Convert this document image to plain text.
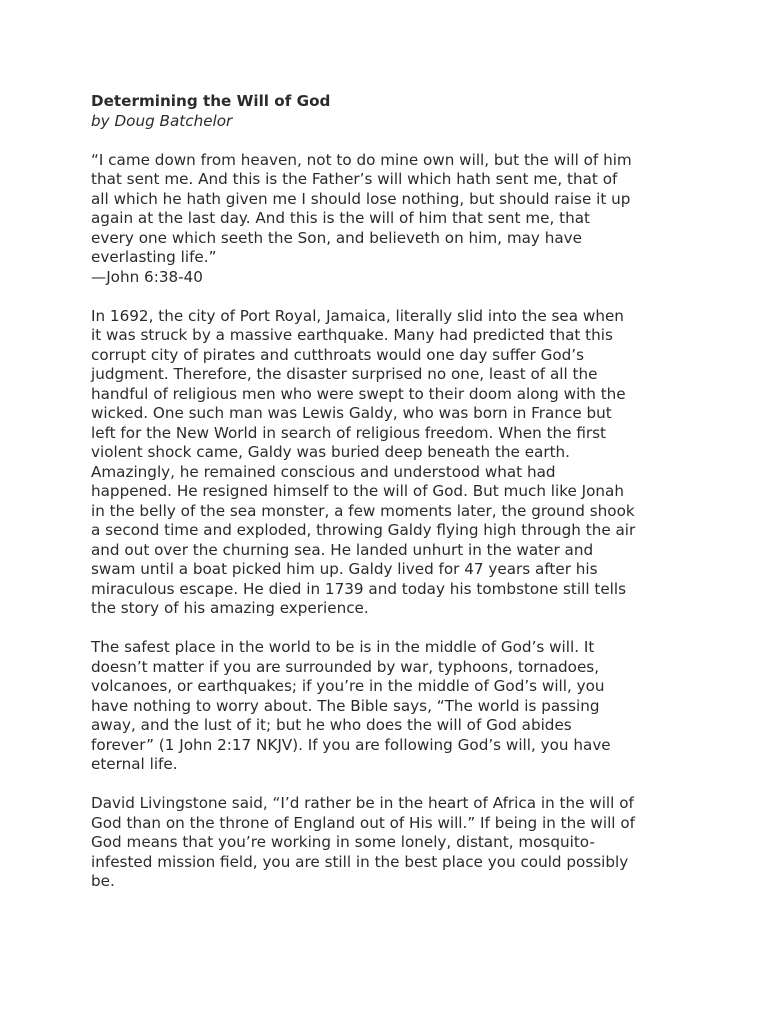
Determining the Will of God
by Doug Batchelor

“I came down from heaven, not to do mine own will, but the will of him
that sent me. And this is the Father’s will which hath sent me, that of
all which he hath given me I should lose nothing, but should raise it up
again at the last day. And this is the will of him that sent me, that
every one which seeth the Son, and believeth on him, may have
everlasting life.”
—John 6:38-40

In 1692, the city of Port Royal, Jamaica, literally slid into the sea when
it was struck by a massive earthquake. Many had predicted that this
corrupt city of pirates and cutthroats would one day suffer God’s
judgment. Therefore, the disaster surprised no one, least of all the
handful of religious men who were swept to their doom along with the
wicked. One such man was Lewis Galdy, who was born in France but
left for the New World in search of religious freedom. When the first
violent shock came, Galdy was buried deep beneath the earth.
Amazingly, he remained conscious and understood what had
happened. He resigned himself to the will of God. But much like Jonah
in the belly of the sea monster, a few moments later, the ground shook
a second time and exploded, throwing Galdy flying high through the air
and out over the churning sea. He landed unhurt in the water and
swam until a boat picked him up. Galdy lived for 47 years after his
miraculous escape. He died in 1739 and today his tombstone still tells
the story of his amazing experience.

The safest place in the world to be is in the middle of God’s will. It
doesn’t matter if you are surrounded by war, typhoons, tornadoes,
volcanoes, or earthquakes; if you’re in the middle of God’s will, you
have nothing to worry about. The Bible says, “The world is passing
away, and the lust of it; but he who does the will of God abides
forever” (1 John 2:17 NKJV). If you are following God’s will, you have
eternal life.

David Livingstone said, “I’d rather be in the heart of Africa in the will of
God than on the throne of England out of His will.” If being in the will of
God means that you’re working in some lonely, distant, mosquito-
infested mission field, you are still in the best place you could possibly
be.
